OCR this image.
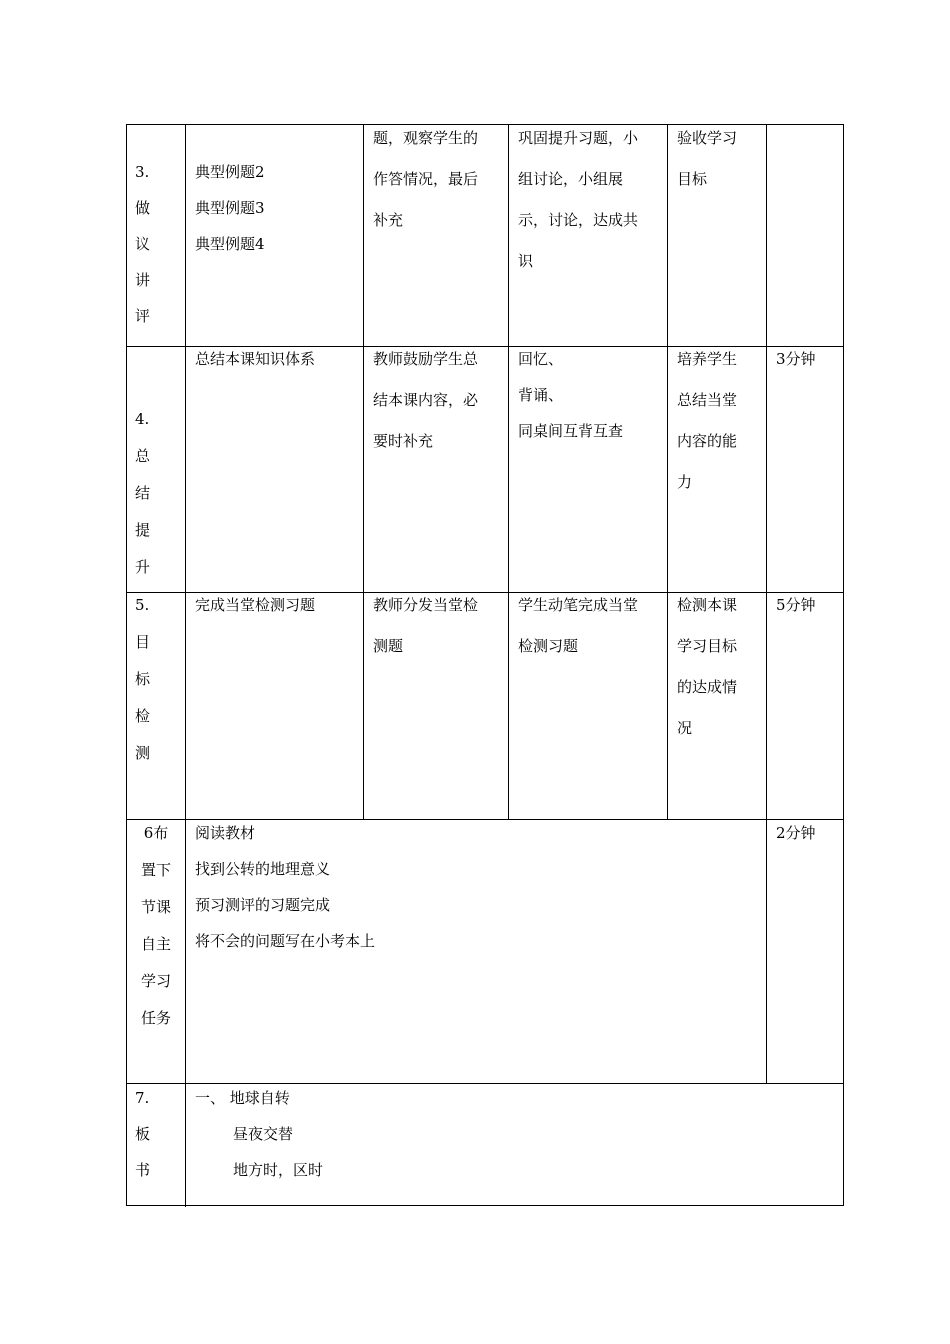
3.
做
议
讲
评
典型例题2
典型例题3
典型例题4
题，观察学生的
作答情况，最后
补充
巩固提升习题，小
组讨论，小组展
示，讨论，达成共
识
验收学习
目标
4.
总
结
提
升
总结本课知识体系	教师鼓励学生总
结本课内容，必
要时补充
回忆、
背诵、
同桌间互背互查
培养学生
总结当堂
内容的能
力
3分钟
5.
目
标
检
测
完成当堂检测习题	教师分发当堂检
测题
学生动笔完成当堂
检测习题
检测本课
学习目标
的达成情
况
5分钟
6布
置下
节课
自主
学习
任务
阅读教材
找到公转的地理意义
预习测评的习题完成
将不会的问题写在小考本上
2分钟
7.
板
书
一、 地球自转
昼夜交替
地方时，区时
